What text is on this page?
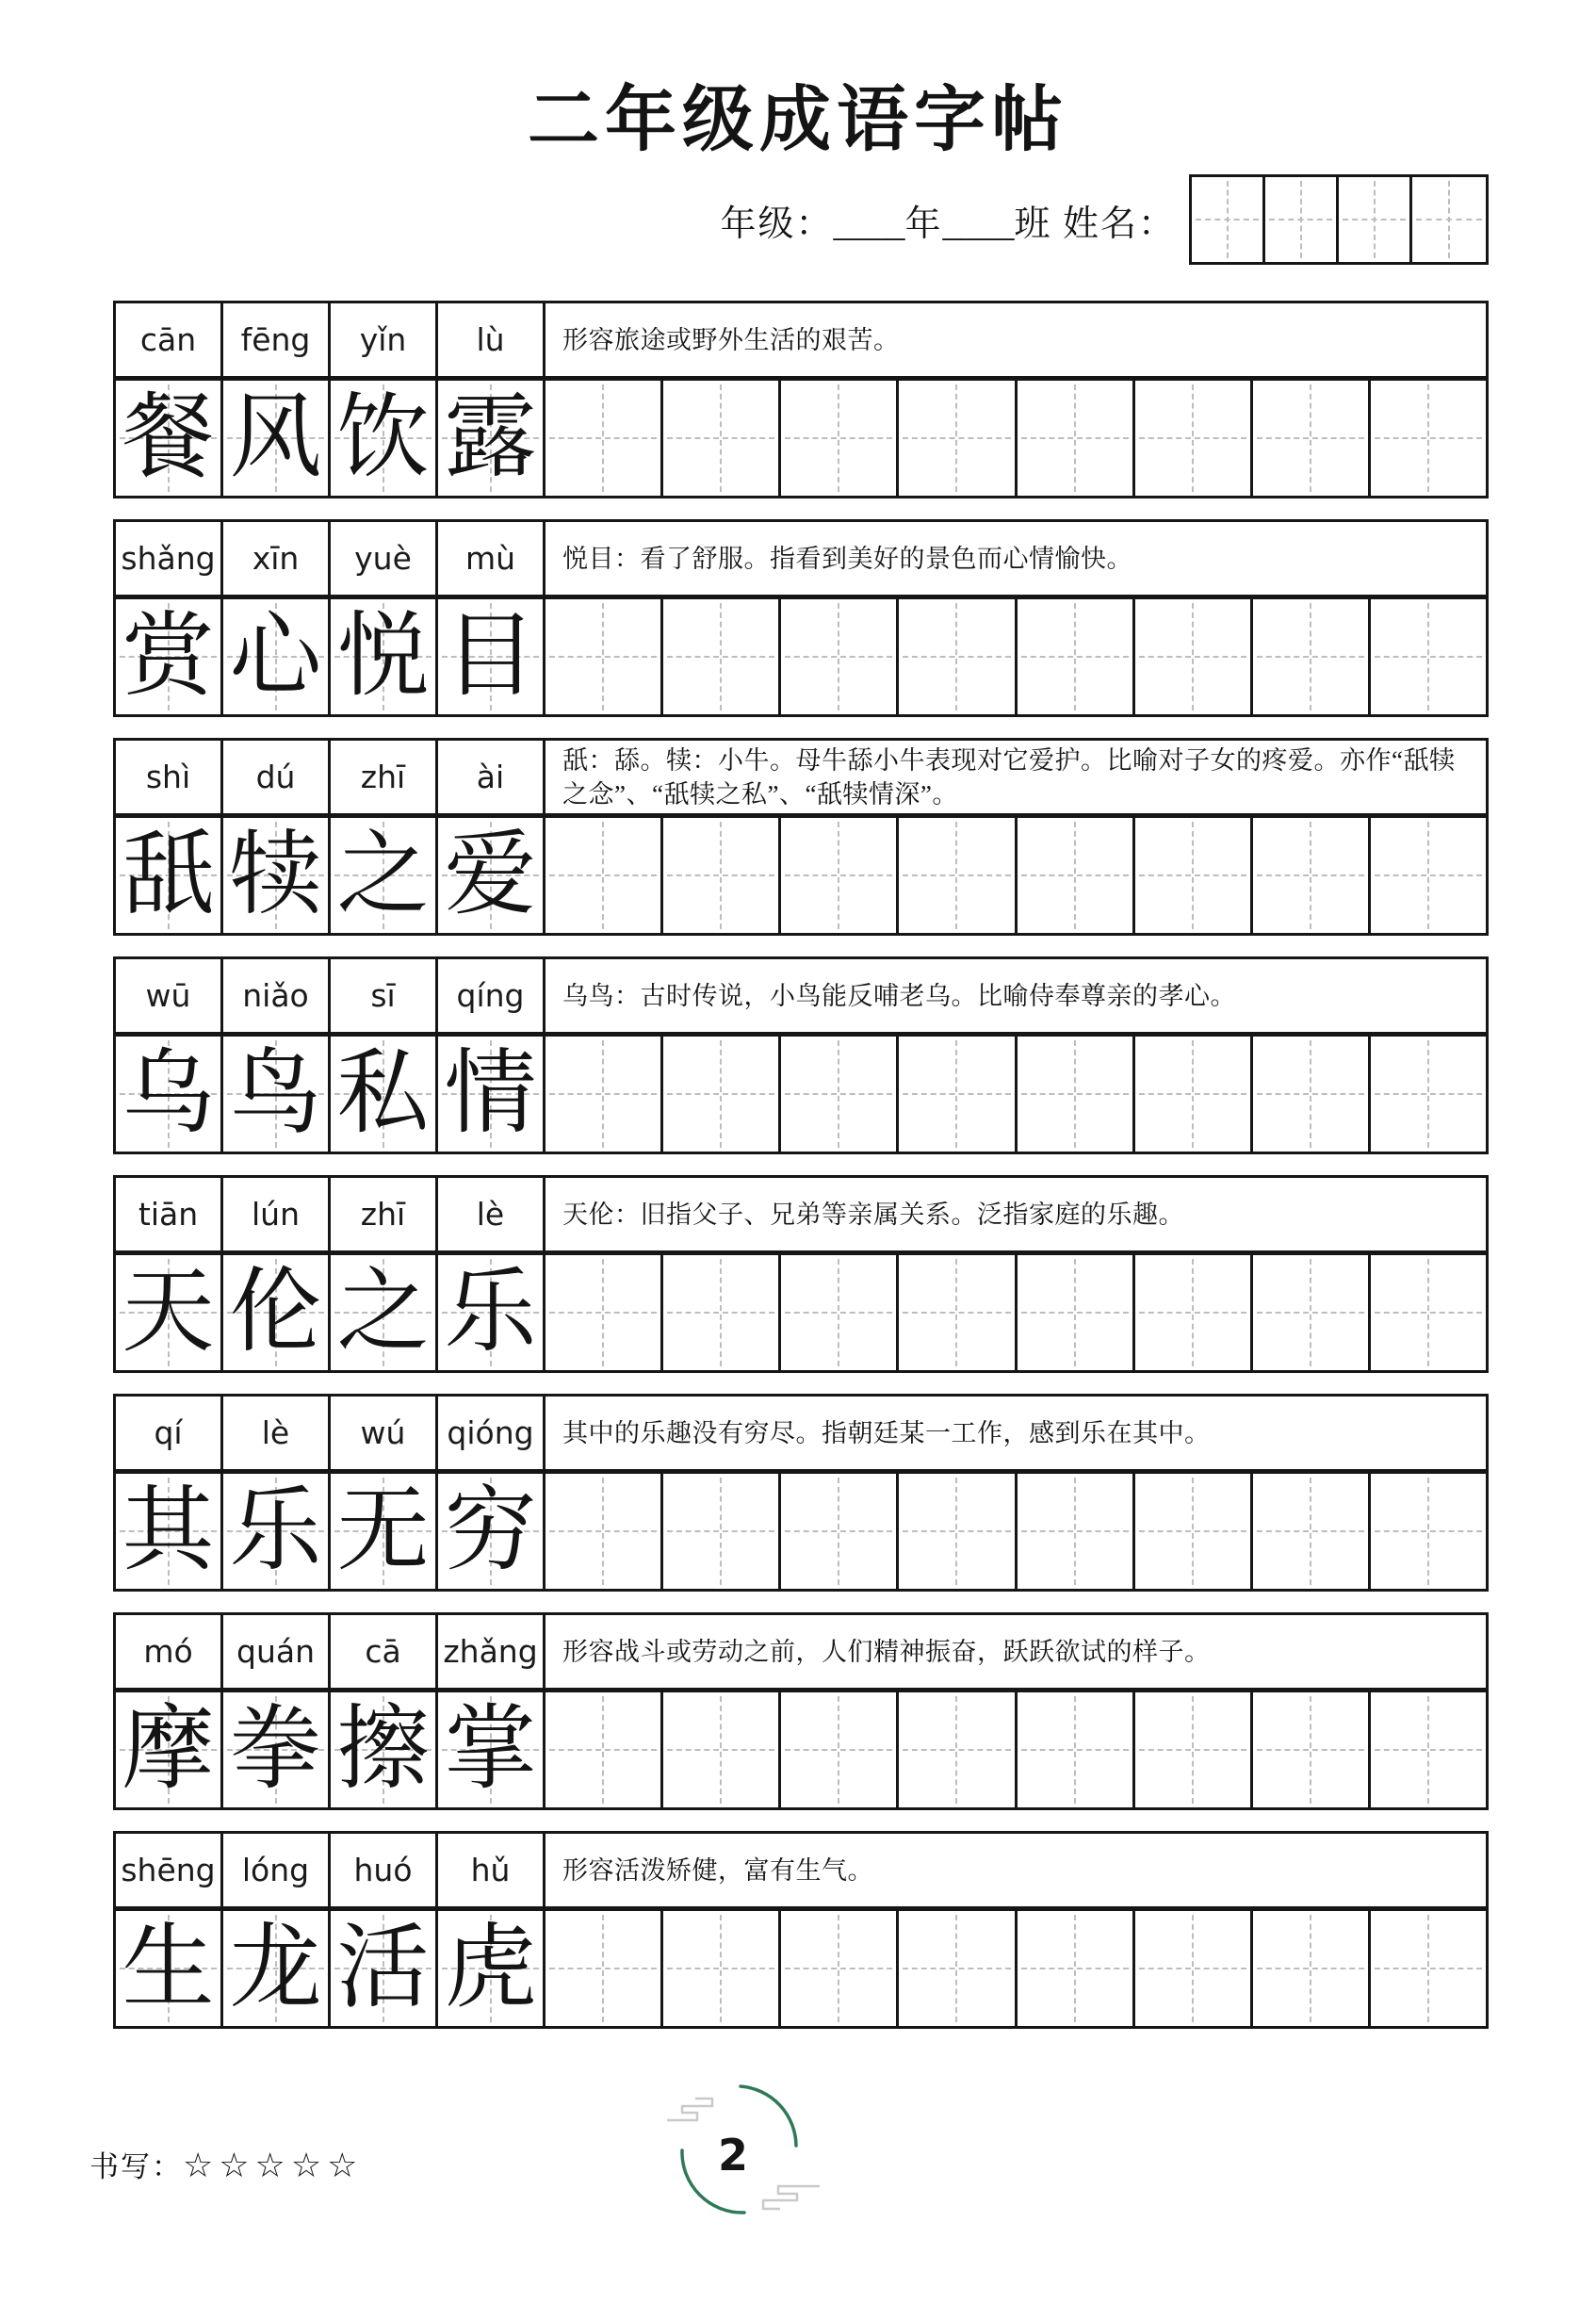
二年级成语字帖
年级：____年____班 姓名：
cān	fēng	yǐn	lù	形容旅途或野外生活的艰苦。
餐 风 饮 露
shǎng	xīn	yuè	mù	悦目：看了舒服。指看到美好的景色而心情愉快。
赏 心 悦 目
shì	dú	zhī	ài	舐：舔。犊：小牛。母牛舔小牛表现对它爱护。比喻对子女的疼爱。亦作“舐犊之念”、“舐犊之私”、“舐犊情深”。
舐 犊 之 爱
wū	niǎo	sī	qíng	乌鸟：古时传说，小鸟能反哺老乌。比喻侍奉尊亲的孝心。
乌 鸟 私 情
tiān	lún	zhī	lè	天伦：旧指父子、兄弟等亲属关系。泛指家庭的乐趣。
天 伦 之 乐
qí	lè	wú	qióng	其中的乐趣没有穷尽。指朝廷某一工作，感到乐在其中。
其 乐 无 穷
mó	quán	cā	zhǎng 形容战斗或劳动之前，人们精神振奋，跃跃欲试的样子。
摩 拳 擦 掌
shēng lóng	huó	hǔ	形容活泼矫健，富有生气。
生 龙 活 虎
书写：☆☆☆☆☆	2
